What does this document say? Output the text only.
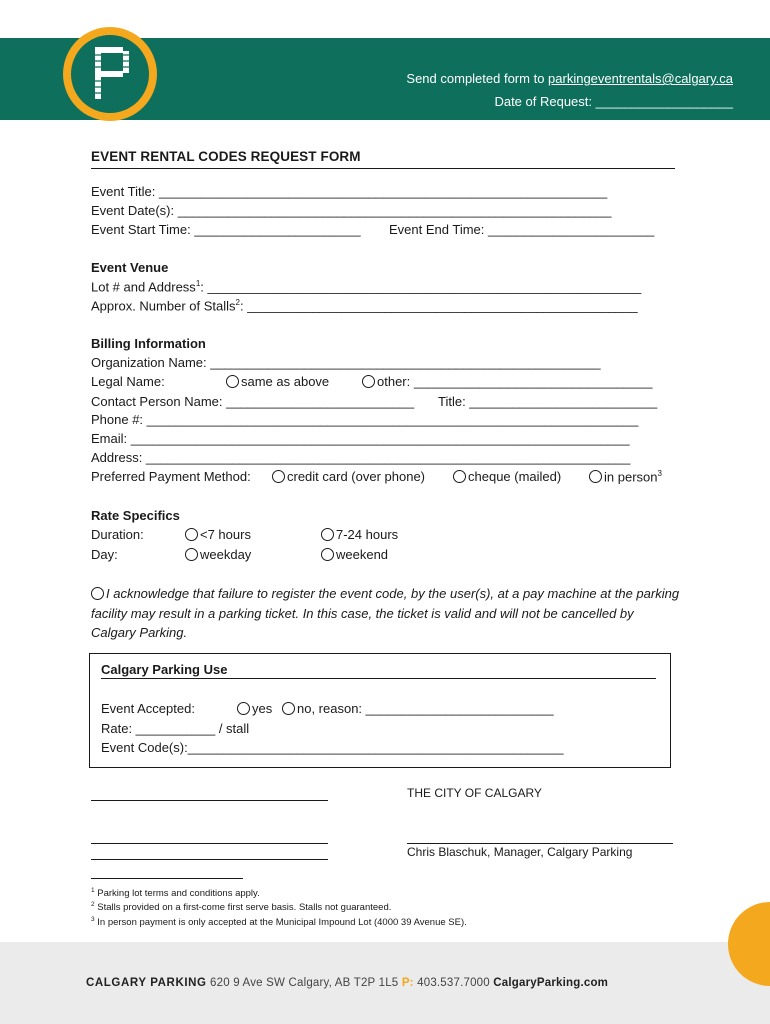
Send completed form to parkingeventrentals@calgary.ca
Date of Request: ___________________
EVENT RENTAL CODES REQUEST FORM
Event Title: ______________________________________________________________
Event Date(s): ____________________________________________________________
Event Start Time: _______________________ Event End Time: _______________________
Event Venue
Lot # and Address$^1$: ____________________________________________________________
Approx. Number of Stalls$^2$: ______________________________________________________
Billing Information
Organization Name: ______________________________________________________
Legal Name:	same as above	other: _________________________________
Contact Person Name: __________________________ Title: __________________________
Phone #: ____________________________________________________________________
Email: _____________________________________________________________________
Address: ___________________________________________________________________
Preferred Payment Method:	credit card (over phone)	cheque (mailed)	in person$^3$
Rate Specifics
Duration:	<7 hours	7-24 hours
Day:	weekday	weekend
I acknowledge that failure to register the event code, by the user(s), at a pay machine at the parking facility may result in a parking ticket. In this case, the ticket is valid and will not be cancelled by Calgary Parking.
Calgary Parking Use
Event Accepted:	yes	no, reason: __________________________
Rate: ___________ / stall
Event Code(s):____________________________________________________
THE CITY OF CALGARY
Chris Blaschuk, Manager, Calgary Parking
$^1$ Parking lot terms and conditions apply.
$^2$ Stalls provided on a first-come first serve basis. Stalls not guaranteed.
$^3$ In person payment is only accepted at the Municipal Impound Lot (4000 39 Avenue SE).
CALGARY PARKING 620 9 Ave SW Calgary, AB T2P 1L5 P: 403.537.7000 CalgaryParking.com
